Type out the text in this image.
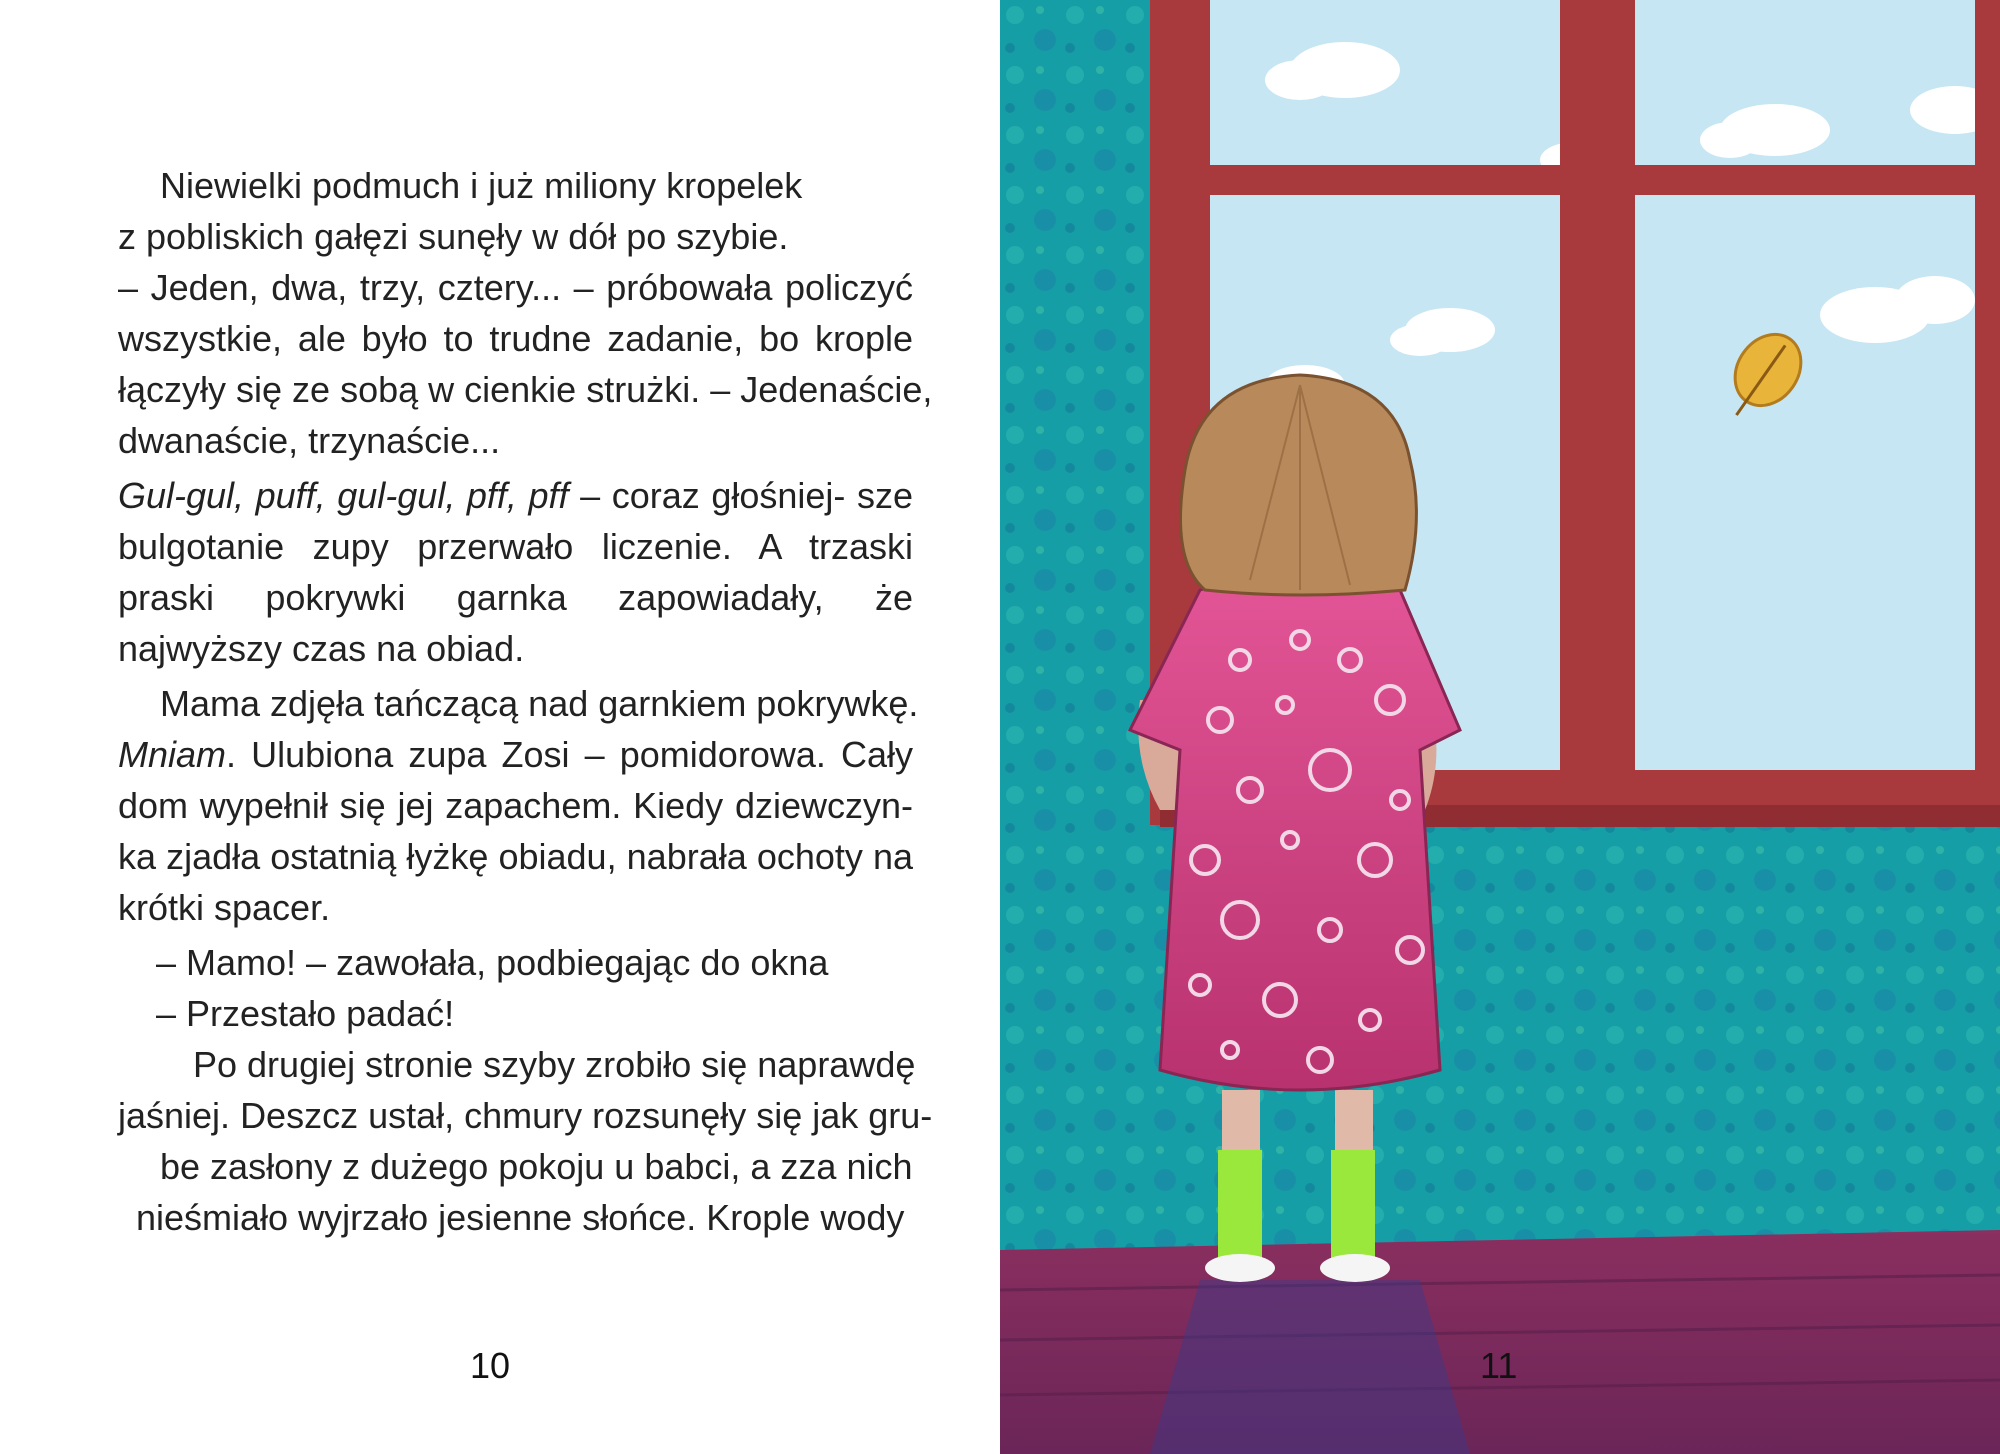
Niewielki podmuch i już miliony kropelek
z pobliskich gałęzi sunęły w dół po szybie.
– Jeden, dwa, trzy, cztery... – próbowała policzyć
wszystkie, ale było to trudne zadanie, bo krople
łączyły się ze sobą w cienkie strużki. – Jedenaście,
dwanaście, trzynaście...
Gul-gul, puff, gul-gul, pff, pff – coraz głośniej- sze
bulgotanie zupy przerwało liczenie. A trzaski
praski pokrywki garnka zapowiadały, że
najwyższy czas na obiad.
Mama zdjęła tańczącą nad garnkiem pokrywkę.
Mniam. Ulubiona zupa Zosi – pomidorowa. Cały
dom wypełnił się jej zapachem. Kiedy dziewczyn-
ka zjadła ostatnią łyżkę obiadu, nabrała ochoty na
krótki spacer.
– Mamo! – zawołała, podbiegając do okna
– Przestało padać!
Po drugiej stronie szyby zrobiło się naprawdę
jaśniej. Deszcz ustał, chmury rozsunęły się jak gru-
be zasłony z dużego pokoju u babci, a zza nich
nieśmiało wyjrzało jesienne słońce. Krople wody
10	11
